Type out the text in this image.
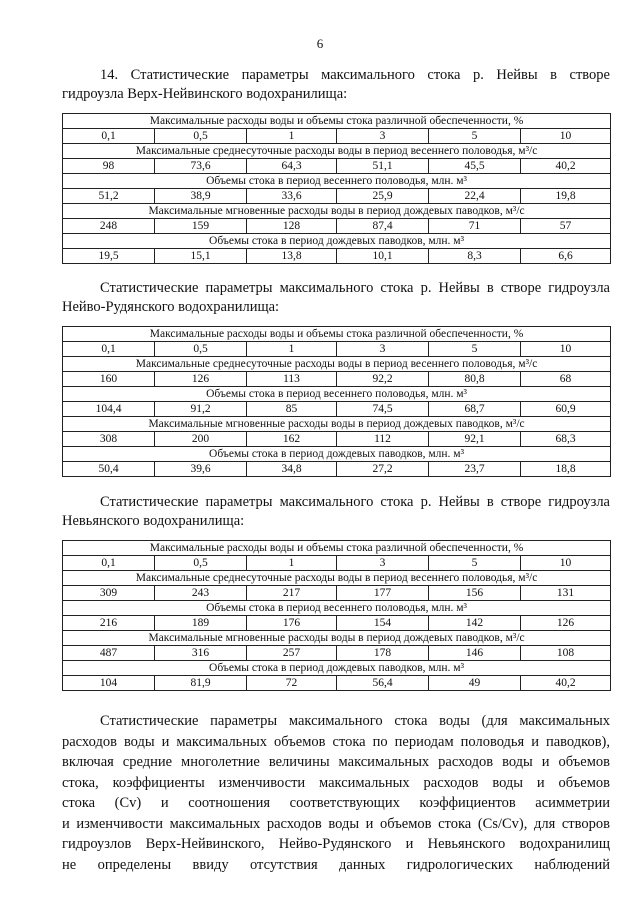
6
14. Статистические параметры максимального стока р. Нейвы в створе
гидроузла Верх-Нейвинского водохранилища:
Максимальные расходы воды и объемы стока различной обеспеченности, %					
0,1	0,5	1	3	5	10
Максимальные среднесуточные расходы воды в период весеннего половодья, м³/с					
98	73,6	64,3	51,1	45,5	40,2
Объемы стока в период весеннего половодья, млн. м³					
51,2	38,9	33,6	25,9	22,4	19,8
Максимальные мгновенные расходы воды в период дождевых паводков, м³/с					
248	159	128	87,4	71	57
Объемы стока в период дождевых паводков, млн. м³					
19,5	15,1	13,8	10,1	8,3	6,6
Статистические параметры максимального стока р. Нейвы в створе гидроузла
Нейво-Рудянского водохранилища:
Максимальные расходы воды и объемы стока различной обеспеченности, %					
0,1	0,5	1	3	5	10
Максимальные среднесуточные расходы воды в период весеннего половодья, м³/с					
160	126	113	92,2	80,8	68
Объемы стока в период весеннего половодья, млн. м³					
104,4	91,2	85	74,5	68,7	60,9
Максимальные мгновенные расходы воды в период дождевых паводков, м³/с					
308	200	162	112	92,1	68,3
Объемы стока в период дождевых паводков, млн. м³					
50,4	39,6	34,8	27,2	23,7	18,8
Статистические параметры максимального стока р. Нейвы в створе гидроузла
Невьянского водохранилища:
Максимальные расходы воды и объемы стока различной обеспеченности, %					
0,1	0,5	1	3	5	10
Максимальные среднесуточные расходы воды в период весеннего половодья, м³/с					
309	243	217	177	156	131
Объемы стока в период весеннего половодья, млн. м³					
216	189	176	154	142	126
Максимальные мгновенные расходы воды в период дождевых паводков, м³/с					
487	316	257	178	146	108
Объемы стока в период дождевых паводков, млн. м³					
104	81,9	72	56,4	49	40,2

Статистические параметры максимального стока воды (для максимальных
расходов воды и максимальных объемов стока по периодам половодья и паводков),
включая средние многолетние величины максимальных расходов воды и объемов
стока, коэффициенты изменчивости максимальных расходов воды и объемов
стока (Cv) и соотношения соответствующих коэффициентов асимметрии
и изменчивости максимальных расходов воды и объемов стока (Cs/Cv), для створов
гидроузлов Верх-Нейвинского, Нейво-Рудянского и Невьянского водохранилищ
не определены ввиду отсутствия данных гидрологических наблюдений
